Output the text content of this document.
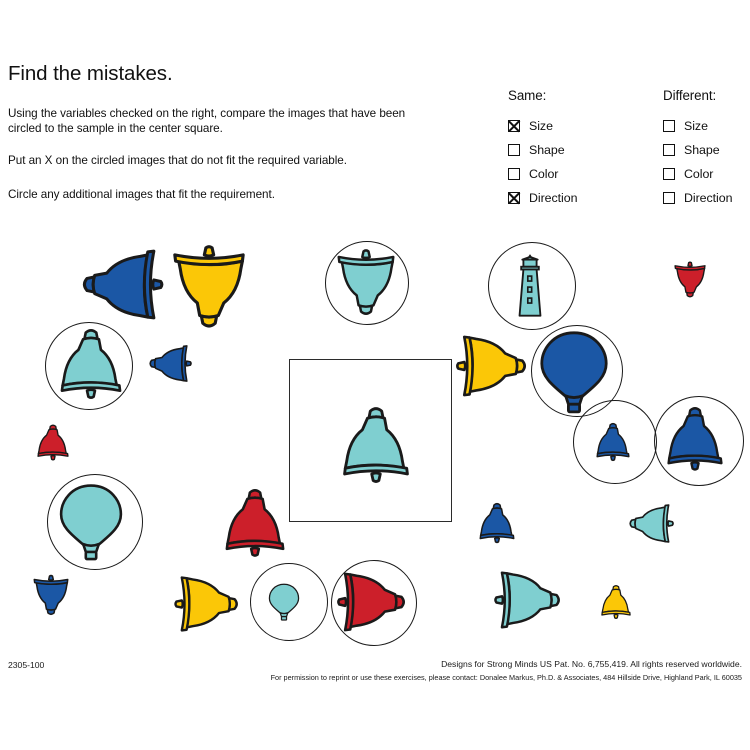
Find the mistakes.
Using the variables checked on the right, compare the images that have been circled to the sample in the center square.
Put an X on the circled images that do not fit the required variable.
Circle any additional images that fit the requirement.
Same:
Size
Shape
Color
Direction
Different:
Size
Shape
Color
Direction
2305-100	Designs for Strong Minds US Pat. No. 6,755,419. All rights reserved worldwide.
For permission to reprint or use these exercises, please contact: Donalee Markus, Ph.D. & Associates, 484 Hillside Drive, Highland Park, IL 60035
